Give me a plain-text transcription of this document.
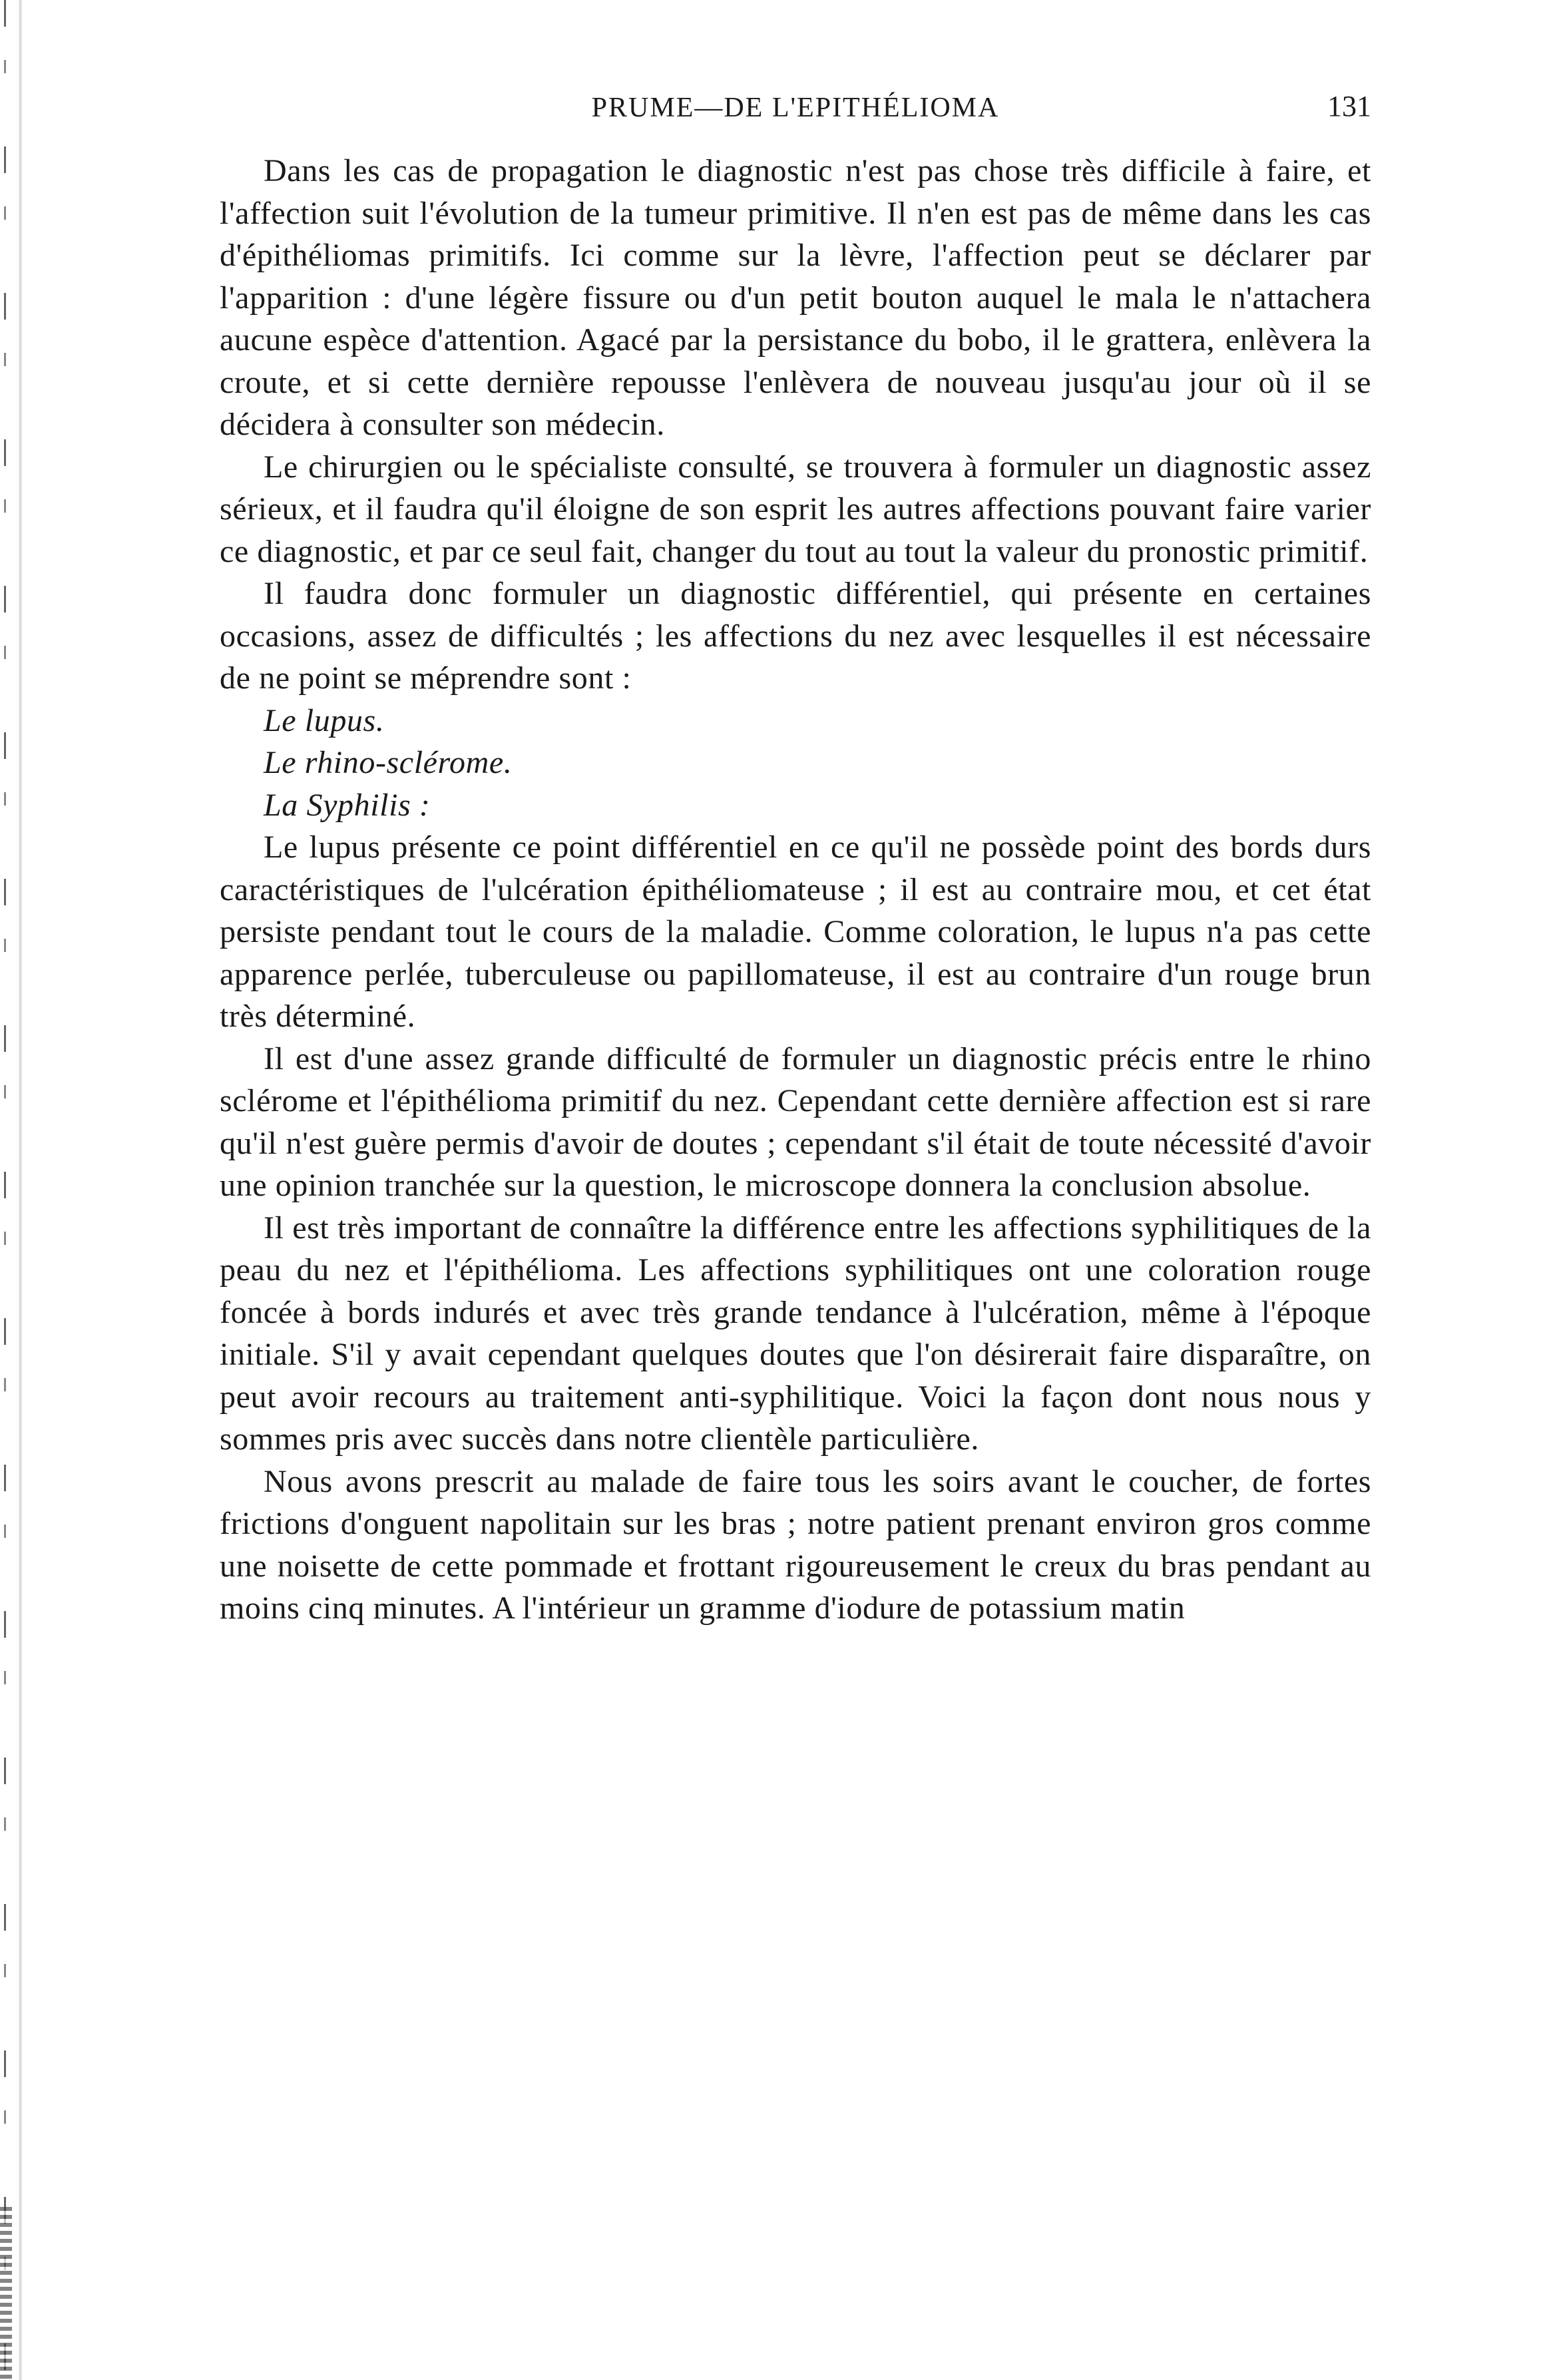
PRUME—DE L'EPITHÉLIOMA	131

Dans les cas de propagation le diagnostic n'est pas chose très difficile à faire, et l'affection suit l'évolution de la tumeur primitive. Il n'en est pas de même dans les cas d'épithéliomas primitifs. Ici comme sur la lèvre, l'affection peut se déclarer par l'apparition : d'une légère fissure ou d'un petit bouton auquel le mala le n'attachera aucune espèce d'attention. Agacé par la persistance du bobo, il le grattera, enlèvera la croute, et si cette dernière repousse l'enlèvera de nouveau jusqu'au jour où il se décidera à consulter son médecin.

Le chirurgien ou le spécialiste consulté, se trouvera à formuler un diagnostic assez sérieux, et il faudra qu'il éloigne de son esprit les autres affections pouvant faire varier ce diagnostic, et par ce seul fait, changer du tout au tout la valeur du pronostic primitif.

Il faudra donc formuler un diagnostic différentiel, qui présente en certaines occasions, assez de difficultés ; les affections du nez avec lesquelles il est nécessaire de ne point se méprendre sont :

Le lupus.

Le rhino-sclérome.

La Syphilis :

Le lupus présente ce point différentiel en ce qu'il ne possède point des bords durs caractéristiques de l'ulcération épithéliomateuse ; il est au contraire mou, et cet état persiste pendant tout le cours de la maladie. Comme coloration, le lupus n'a pas cette apparence perlée, tuberculeuse ou papillomateuse, il est au contraire d'un rouge brun très déterminé.

Il est d'une assez grande difficulté de formuler un diagnostic précis entre le rhino sclérome et l'épithélioma primitif du nez. Cependant cette dernière affection est si rare qu'il n'est guère permis d'avoir de doutes ; cependant s'il était de toute nécessité d'avoir une opinion tranchée sur la question, le microscope donnera la conclusion absolue.

Il est très important de connaître la différence entre les affections syphilitiques de la peau du nez et l'épithélioma. Les affections syphilitiques ont une coloration rouge foncée à bords indurés et avec très grande tendance à l'ulcération, même à l'époque initiale. S'il y avait cependant quelques doutes que l'on désirerait faire disparaître, on peut avoir recours au traitement anti-syphilitique. Voici la façon dont nous nous y sommes pris avec succès dans notre clientèle particulière.

Nous avons prescrit au malade de faire tous les soirs avant le coucher, de fortes frictions d'onguent napolitain sur les bras ; notre patient prenant environ gros comme une noisette de cette pommade et frottant rigoureusement le creux du bras pendant au moins cinq minutes. A l'intérieur un gramme d'iodure de potassium matin
